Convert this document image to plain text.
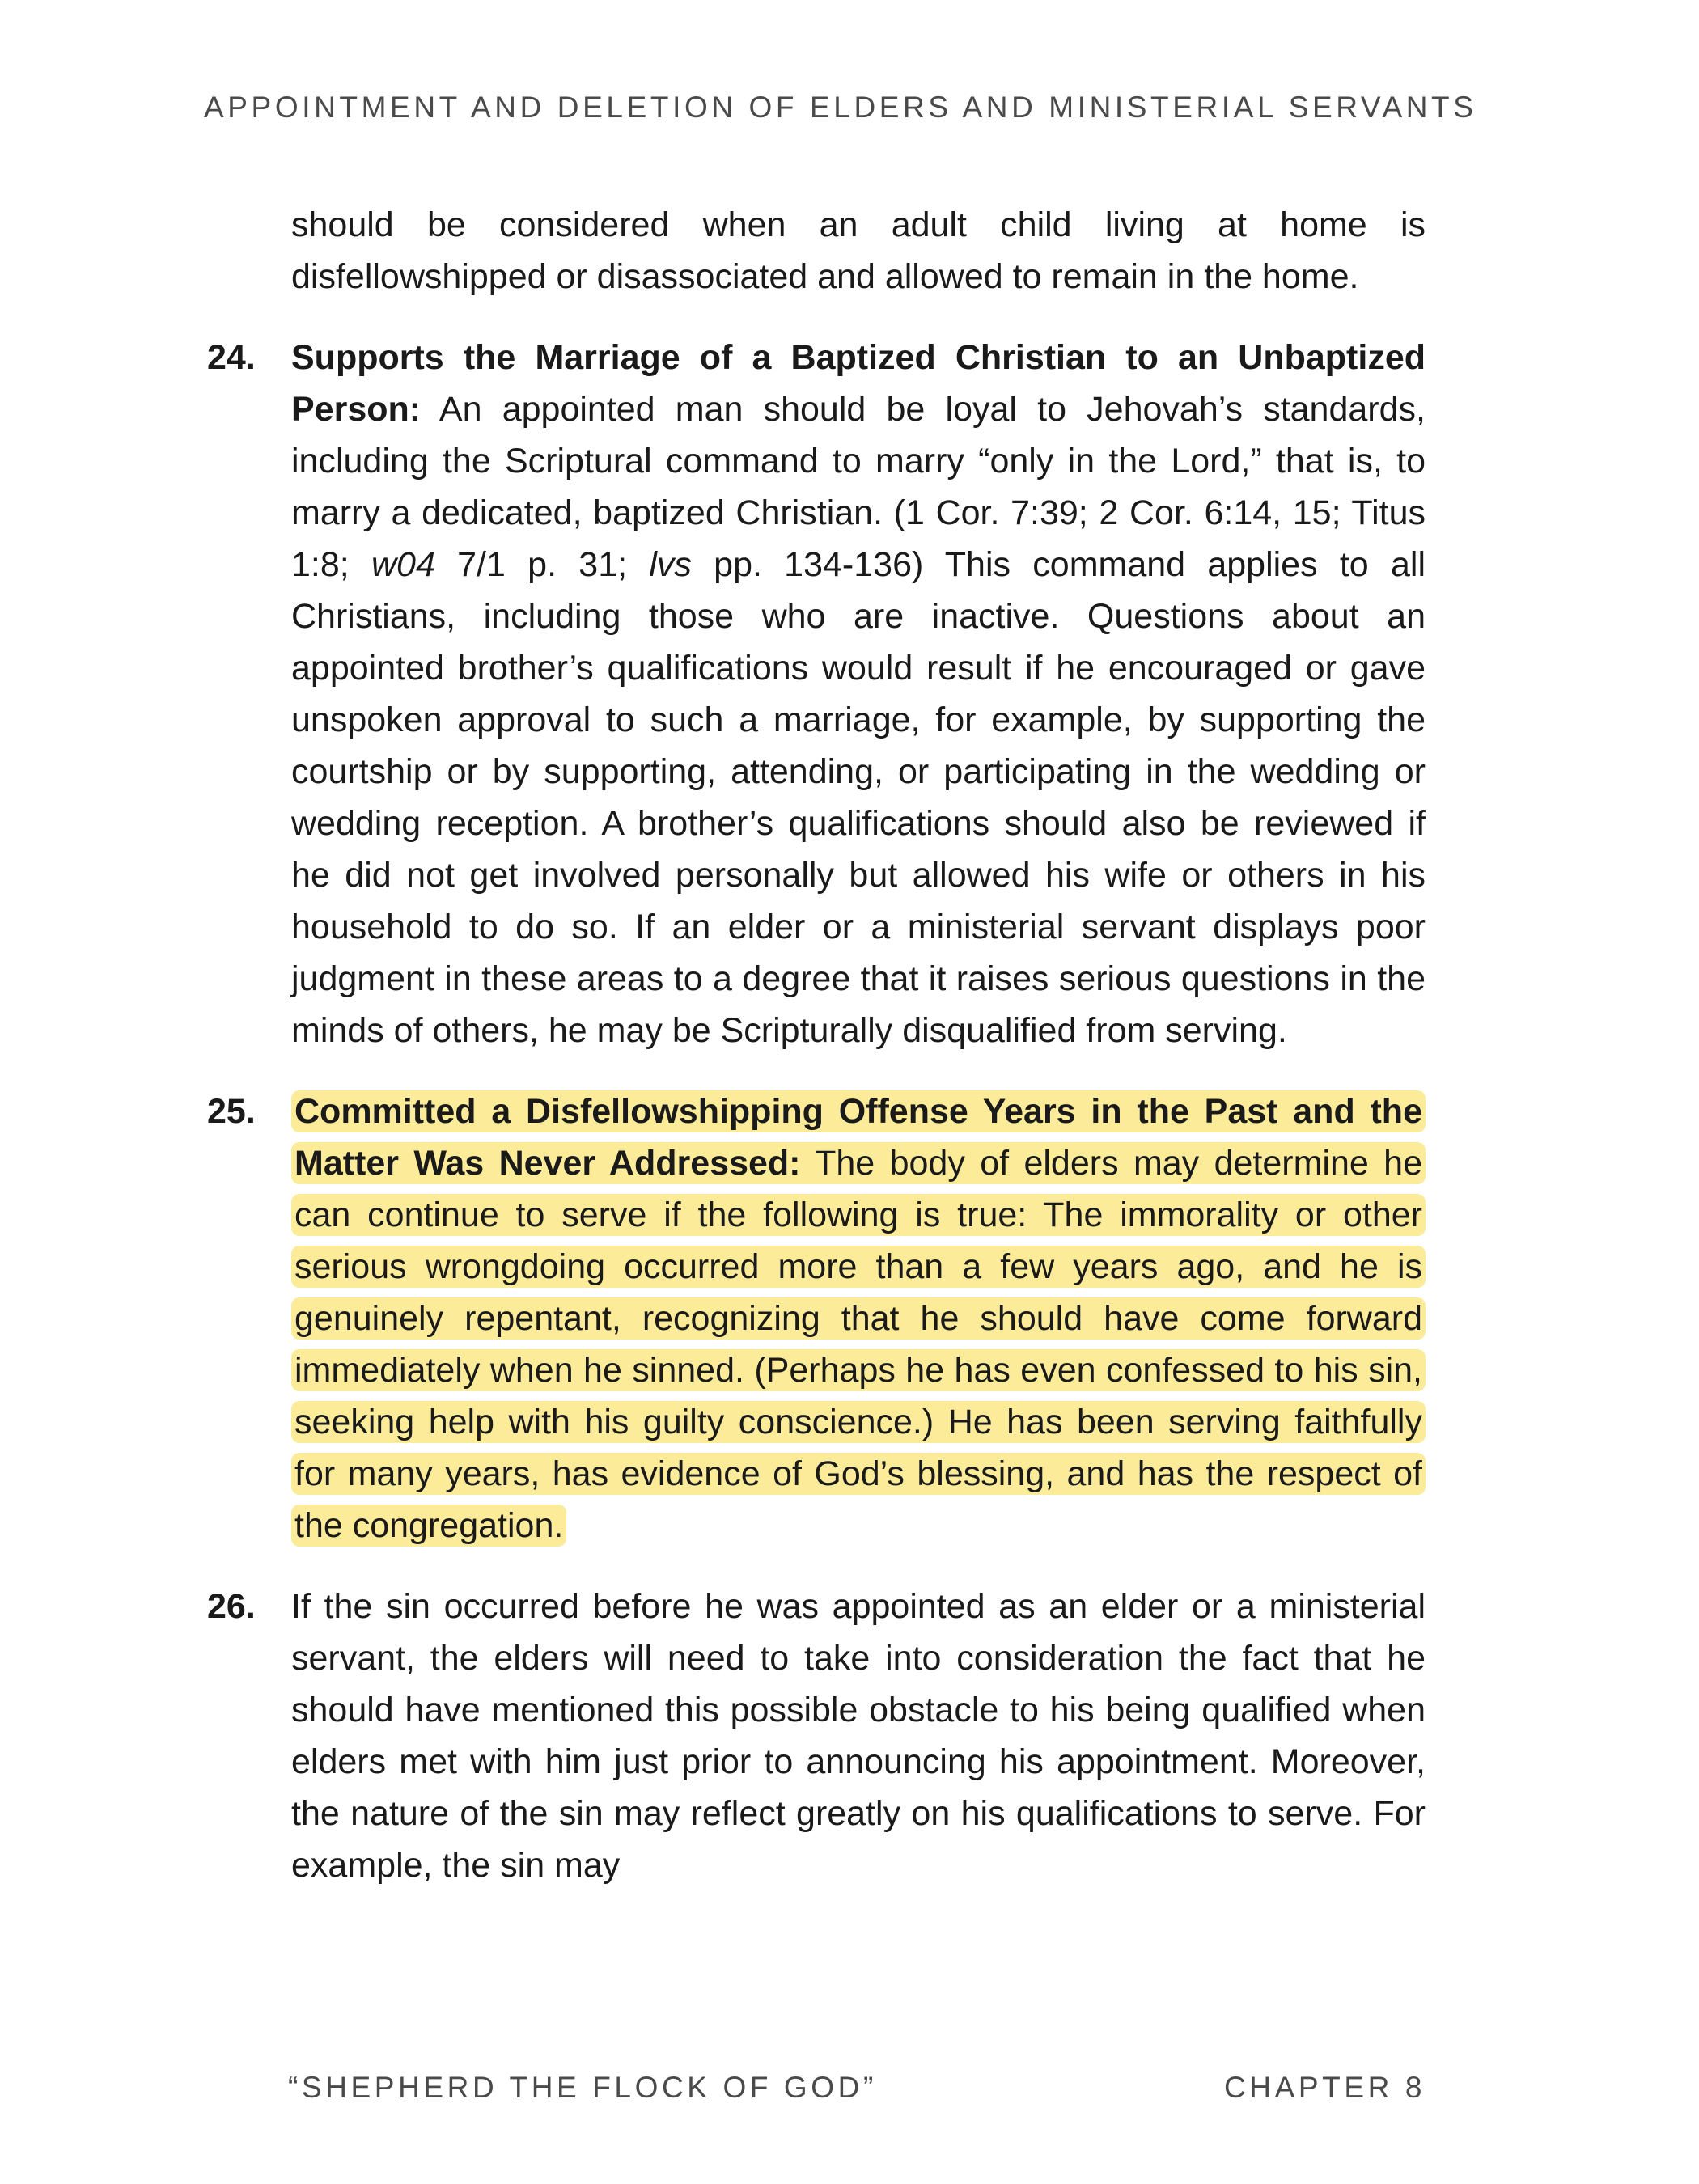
APPOINTMENT AND DELETION OF ELDERS AND MINISTERIAL SERVANTS

should be considered when an adult child living at home is disfellowshipped or disassociated and allowed to remain in the home.

24. Supports the Marriage of a Baptized Christian to an Unbaptized Person: An appointed man should be loyal to Jehovah’s standards, including the Scriptural command to marry “only in the Lord,” that is, to marry a dedicated, baptized Christian. (1 Cor. 7:39; 2 Cor. 6:14, 15; Titus 1:8; w04 7/1 p. 31; lvs pp. 134-136) This command applies to all Christians, including those who are inactive. Questions about an appointed brother’s qualifications would result if he encouraged or gave unspoken approval to such a marriage, for example, by supporting the courtship or by supporting, attending, or participating in the wedding or wedding reception. A brother’s qualifications should also be reviewed if he did not get involved personally but allowed his wife or others in his household to do so. If an elder or a ministerial servant displays poor judgment in these areas to a degree that it raises serious questions in the minds of others, he may be Scripturally disqualified from serving.

25. Committed a Disfellowshipping Offense Years in the Past and the Matter Was Never Addressed: The body of elders may determine he can continue to serve if the following is true: The immorality or other serious wrongdoing occurred more than a few years ago, and he is genuinely repentant, recognizing that he should have come forward immediately when he sinned. (Perhaps he has even confessed to his sin, seeking help with his guilty conscience.) He has been serving faithfully for many years, has evidence of God’s blessing, and has the respect of the congregation.

26. If the sin occurred before he was appointed as an elder or a ministerial servant, the elders will need to take into consideration the fact that he should have mentioned this possible obstacle to his being qualified when elders met with him just prior to announcing his appointment. Moreover, the nature of the sin may reflect greatly on his qualifications to serve. For example, the sin may

“SHEPHERD THE FLOCK OF GOD”	CHAPTER 8
